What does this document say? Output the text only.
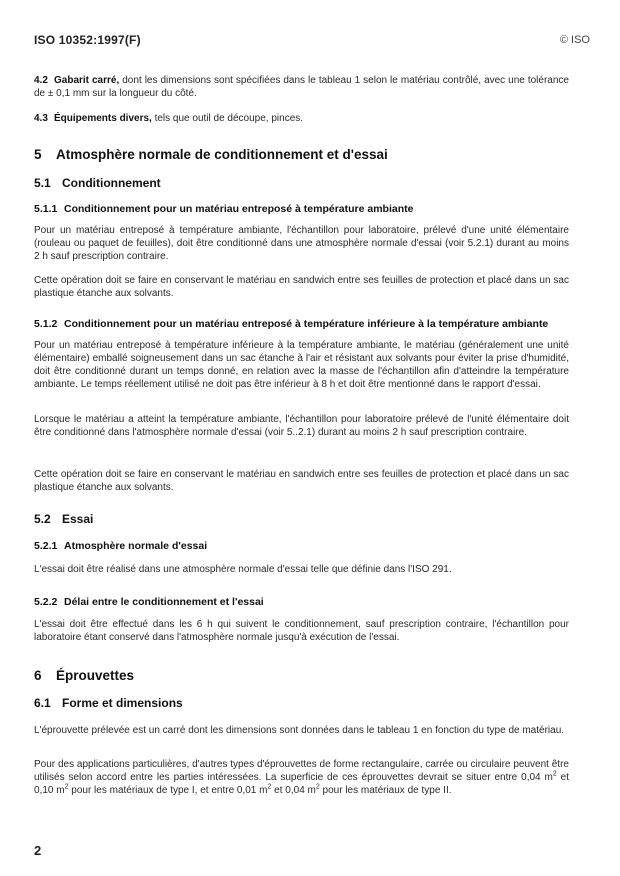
ISO 10352:1997(F)	© ISO
4.2 Gabarit carré, dont les dimensions sont spécifiées dans le tableau 1 selon le matériau contrôlé, avec une tolérance de ± 0,1 mm sur la longueur du côté.
4.3 Équipements divers, tels que outil de découpe, pinces.
5 Atmosphère normale de conditionnement et d'essai
5.1 Conditionnement
5.1.1 Conditionnement pour un matériau entreposé à température ambiante
Pour un matériau entreposé à température ambiante, l'échantillon pour laboratoire, prélevé d'une unité élémentaire (rouleau ou paquet de feuilles), doit être conditionné dans une atmosphère normale d'essai (voir 5.2.1) durant au moins 2 h sauf prescription contraire.
Cette opération doit se faire en conservant le matériau en sandwich entre ses feuilles de protection et placé dans un sac plastique étanche aux solvants.
5.1.2 Conditionnement pour un matériau entreposé à température inférieure à la température ambiante
Pour un matériau entreposé à température inférieure à la température ambiante, le matériau (généralement une unité élémentaire) emballé soigneusement dans un sac étanche à l'air et résistant aux solvants pour éviter la prise d'humidité, doit être conditionné durant un temps donné, en relation avec la masse de l'échantillon afin d'atteindre la température ambiante. Le temps réellement utilisé ne doit pas être inférieur à 8 h et doit être mentionné dans le rapport d'essai.
Lorsque le matériau a atteint la température ambiante, l'échantillon pour laboratoire prélevé de l'unité élémentaire doit être conditionné dans l'atmosphère normale d'essai (voir 5..2.1) durant au moins 2 h sauf prescription contraire.
Cette opération doit se faire en conservant le matériau en sandwich entre ses feuilles de protection et placé dans un sac plastique étanche aux solvants.
5.2 Essai
5.2.1 Atmosphère normale d'essai
L'essai doit être réalisé dans une atmosphère normale d'essai telle que définie dans l'ISO 291.
5.2.2 Délai entre le conditionnement et l'essai
L'essai doit être effectué dans les 6 h qui suivent le conditionnement, sauf prescription contraire, l'échantillon pour laboratoire étant conservé dans l'atmosphère normale jusqu'à exécution de l'essai.
6 Éprouvettes
6.1 Forme et dimensions
L'éprouvette prélevée est un carré dont les dimensions sont données dans le tableau 1 en fonction du type de matériau.
Pour des applications particulières, d'autres types d'éprouvettes de forme rectangulaire, carrée ou circulaire peuvent être utilisés selon accord entre les parties intéressées. La superficie de ces éprouvettes devrait se situer entre 0,04 $m^2$ et 0,10 $m^2$ pour les matériaux de type I, et entre 0,01 $m^2$ et 0,04 $m^2$ pour les matériaux de type II.
2
